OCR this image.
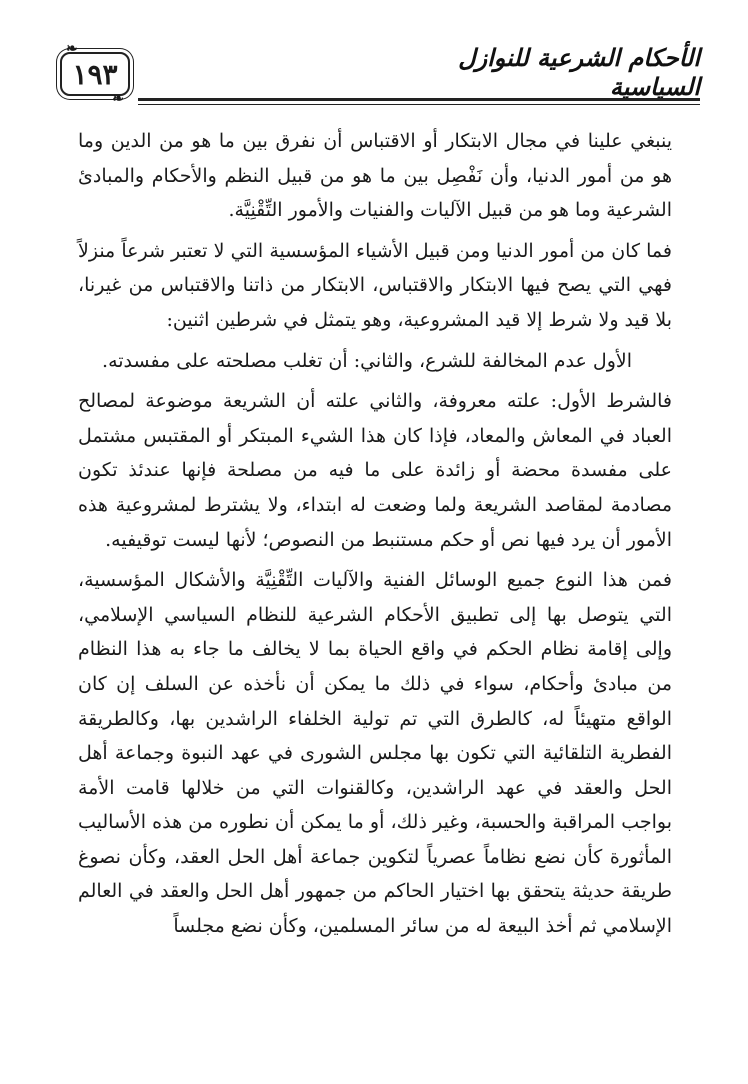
❧
١٩٣
❧
الأحكام الشرعية للنوازل السياسية

ينبغي علينا في مجال الابتكار أو الاقتباس أن نفرق بين ما هو من الدين وما هو من أمور الدنيا، وأن نَفْصِل بين ما هو من قبيل النظم والأحكام والمبادئ الشرعية وما هو من قبيل الآليات والفنيات والأمور التِّقْنِيَّة.

فما كان من أمور الدنيا ومن قبيل الأشياء المؤسسية التي لا تعتبر شرعاً منزلاً فهي التي يصح فيها الابتكار والاقتباس، الابتكار من ذاتنا والاقتباس من غيرنا، بلا قيد ولا شرط إلا قيد المشروعية، وهو يتمثل في شرطين اثنين:

الأول عدم المخالفة للشرع، والثاني: أن تغلب مصلحته على مفسدته.

فالشرط الأول: علته معروفة، والثاني علته أن الشريعة موضوعة لمصالح العباد في المعاش والمعاد، فإذا كان هذا الشيء المبتكر أو المقتبس مشتمل على مفسدة محضة أو زائدة على ما فيه من مصلحة فإنها عندئذ تكون مصادمة لمقاصد الشريعة ولما وضعت له ابتداء، ولا يشترط لمشروعية هذه الأمور أن يرد فيها نص أو حكم مستنبط من النصوص؛ لأنها ليست توقيفيه.

فمن هذا النوع جميع الوسائل الفنية والآليات التِّقْنِيَّة والأشكال المؤسسية، التي يتوصل بها إلى تطبيق الأحكام الشرعية للنظام السياسي الإسلامي، وإلى إقامة نظام الحكم في واقع الحياة بما لا يخالف ما جاء به هذا النظام من مبادئ وأحكام، سواء في ذلك ما يمكن أن نأخذه عن السلف إن كان الواقع متهيئاً له، كالطرق التي تم تولية الخلفاء الراشدين بها، وكالطريقة الفطرية التلقائية التي تكون بها مجلس الشورى في عهد النبوة وجماعة أهل الحل والعقد في عهد الراشدين، وكالقنوات التي من خلالها قامت الأمة بواجب المراقبة والحسبة، وغير ذلك، أو ما يمكن أن نطوره من هذه الأساليب المأثورة كأن نضع نظاماً عصرياً لتكوين جماعة أهل الحل العقد، وكأن نصوغ طريقة حديثة يتحقق بها اختيار الحاكم من جمهور أهل الحل والعقد في العالم الإسلامي ثم أخذ البيعة له من سائر المسلمين، وكأن نضع مجلساً
